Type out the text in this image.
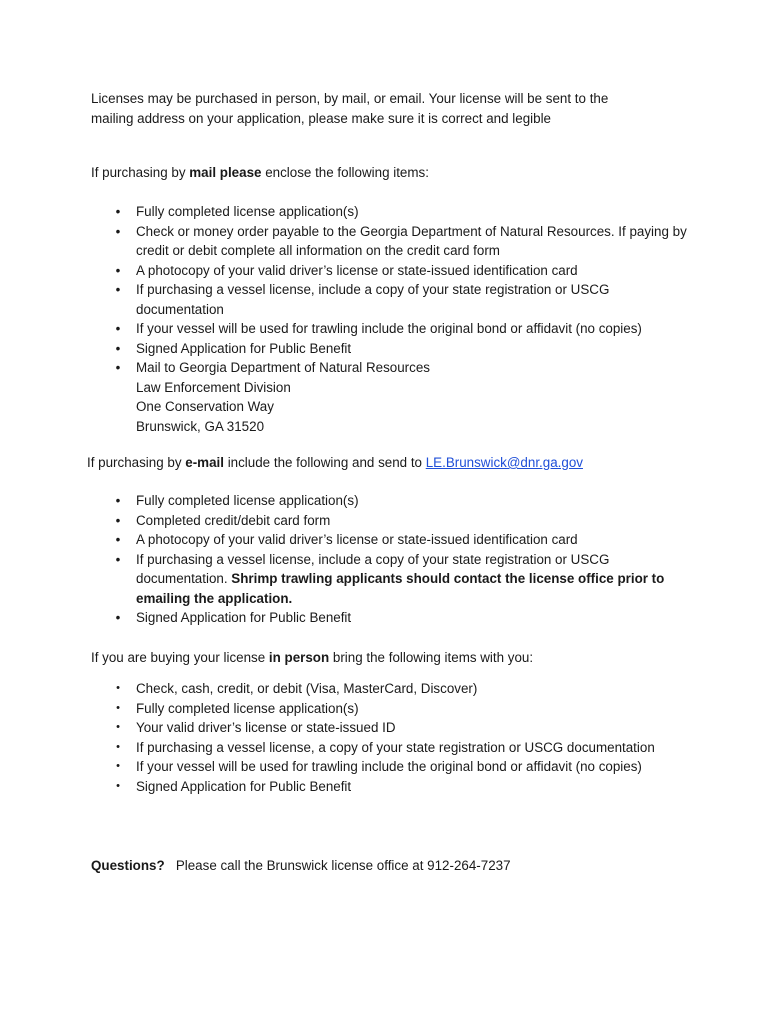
Licenses may be purchased in person, by mail, or email. Your license will be sent to the

mailing address on your application, please make sure it is correct and legible

If purchasing by mail please enclose the following items:

•	Fully completed license application(s)
•	Check or money order payable to the Georgia Department of Natural Resources. If paying by credit or debit complete all information on the credit card form
•	A photocopy of your valid driver’s license or state-issued identification card
•	If purchasing a vessel license, include a copy of your state registration or USCG documentation
•	If your vessel will be used for trawling include the original bond or affidavit (no copies)
•	Signed Application for Public Benefit
•	Mail to Georgia Department of Natural Resources
Law Enforcement Division
One Conservation Way
Brunswick, GA 31520

If purchasing by e-mail include the following and send to LE.Brunswick@dnr.ga.gov

•	Fully completed license application(s)
•	Completed credit/debit card form
•	A photocopy of your valid driver’s license or state-issued identification card
•	If purchasing a vessel license, include a copy of your state registration or USCG documentation. Shrimp trawling applicants should contact the license office prior to emailing the application.
•	Signed Application for Public Benefit

If you are buying your license in person bring the following items with you:

•	Check, cash, credit, or debit (Visa, MasterCard, Discover)
•	Fully completed license application(s)
•	Your valid driver’s license or state-issued ID
•	If purchasing a vessel license, a copy of your state registration or USCG documentation
•	If your vessel will be used for trawling include the original bond or affidavit (no copies)
•	Signed Application for Public Benefit

Questions?   Please call the Brunswick license office at 912-264-7237
